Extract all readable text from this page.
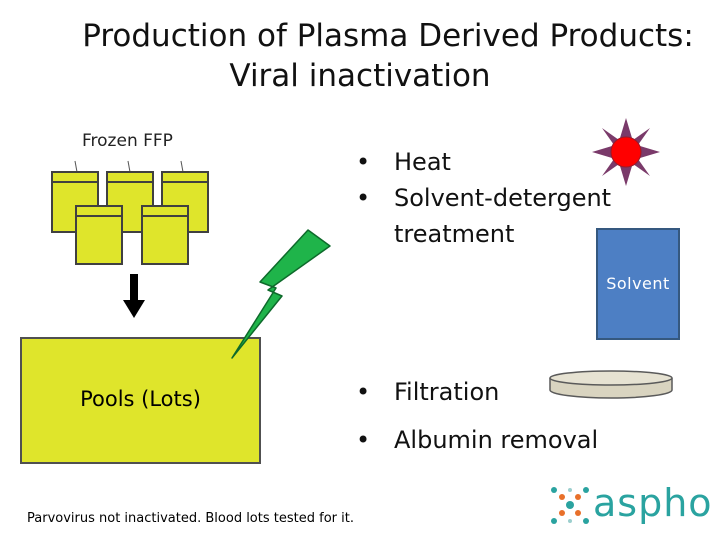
Production of Plasma Derived Products:
Viral inactivation
Frozen FFP
Pools (Lots)
• Heat
• Solvent-detergent
treatment
Solvent
• Filtration
• Albumin removal
Parvovirus not inactivated. Blood lots tested for it.	aspho
